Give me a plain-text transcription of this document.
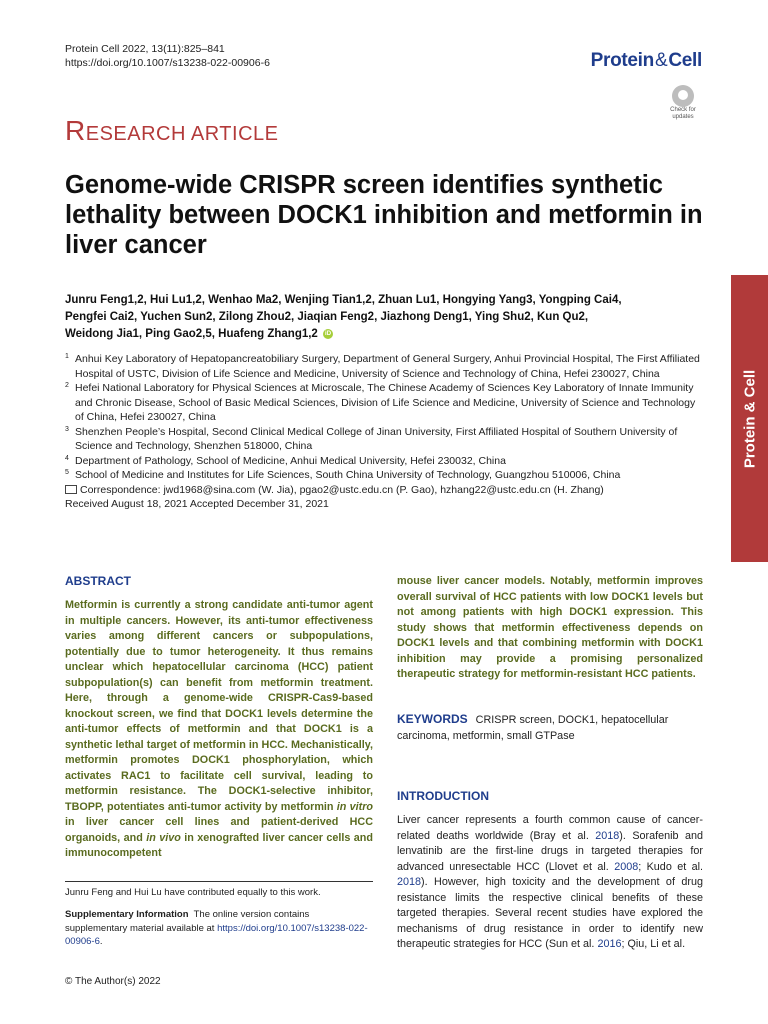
Protein Cell 2022, 13(11):825–841
https://doi.org/10.1007/s13238-022-00906-6	Protein&Cell
Check for
updates
RESEARCH ARTICLE
Genome-wide CRISPR screen identifies synthetic lethality between DOCK1 inhibition and metformin in liver cancer
Junru Feng1,2, Hui Lu1,2, Wenhao Ma2, Wenjing Tian1,2, Zhuan Lu1, Hongying Yang3, Yongping Cai4,
Pengfei Cai2, Yuchen Sun2, Zilong Zhou2, Jiaqian Feng2, Jiazhong Deng1, Ying Shu2, Kun Qu2,
Weidong Jia1, Ping Gao2,5, Huafeng Zhang1,2 iD
1 Anhui Key Laboratory of Hepatopancreatobiliary Surgery, Department of General Surgery, Anhui Provincial Hospital, The First Affiliated Hospital of USTC, Division of Life Science and Medicine, University of Science and Technology of China, Hefei 230027, China
2 Hefei National Laboratory for Physical Sciences at Microscale, The Chinese Academy of Sciences Key Laboratory of Innate Immunity and Chronic Disease, School of Basic Medical Sciences, Division of Life Science and Medicine, University of Science and Technology of China, Hefei 230027, China
3 Shenzhen People’s Hospital, Second Clinical Medical College of Jinan University, First Affiliated Hospital of Southern University of Science and Technology, Shenzhen 518000, China
4 Department of Pathology, School of Medicine, Anhui Medical University, Hefei 230032, China
5 School of Medicine and Institutes for Life Sciences, South China University of Technology, Guangzhou 510006, China
Correspondence: jwd1968@sina.com (W. Jia), pgao2@ustc.edu.cn (P. Gao), hzhang22@ustc.edu.cn (H. Zhang)
Received August 18, 2021 Accepted December 31, 2021
Protein & Cell
ABSTRACT
Metformin is currently a strong candidate anti-tumor agent in multiple cancers. However, its anti-tumor effectiveness varies among different cancers or subpopulations, potentially due to tumor heterogeneity. It thus remains unclear which hepatocellular carcinoma (HCC) patient subpopulation(s) can benefit from metformin treatment. Here, through a genome-wide CRISPR-Cas9-based knockout screen, we find that DOCK1 levels determine the anti-tumor effects of metformin and that DOCK1 is a synthetic lethal target of metformin in HCC. Mechanistically, metformin promotes DOCK1 phosphorylation, which activates RAC1 to facilitate cell survival, leading to metformin resistance. The DOCK1-selective inhibitor, TBOPP, potentiates anti-tumor activity by metformin in vitro in liver cancer cell lines and patient-derived HCC organoids, and in vivo in xenografted liver cancer cells and immunocompetent
mouse liver cancer models. Notably, metformin improves overall survival of HCC patients with low DOCK1 levels but not among patients with high DOCK1 expression. This study shows that metformin effectiveness depends on DOCK1 levels and that combining metformin with DOCK1 inhibition may provide a promising personalized therapeutic strategy for metformin-resistant HCC patients.
KEYWORDS CRISPR screen, DOCK1, hepatocellular carcinoma, metformin, small GTPase
INTRODUCTION
Liver cancer represents a fourth common cause of cancer-related deaths worldwide (Bray et al. 2018). Sorafenib and lenvatinib are the first-line drugs in targeted therapies for advanced unresectable HCC (Llovet et al. 2008; Kudo et al. 2018). However, high toxicity and the development of drug resistance limits the respective clinical benefits of these targeted therapies. Several recent studies have explored the mechanisms of drug resistance in order to identify new therapeutic strategies for HCC (Sun et al. 2016; Qiu, Li et al.
Junru Feng and Hui Lu have contributed equally to this work.
Supplementary Information The online version contains supplementary material available at https://doi.org/10.1007/s13238-022-00906-6.
© The Author(s) 2022
